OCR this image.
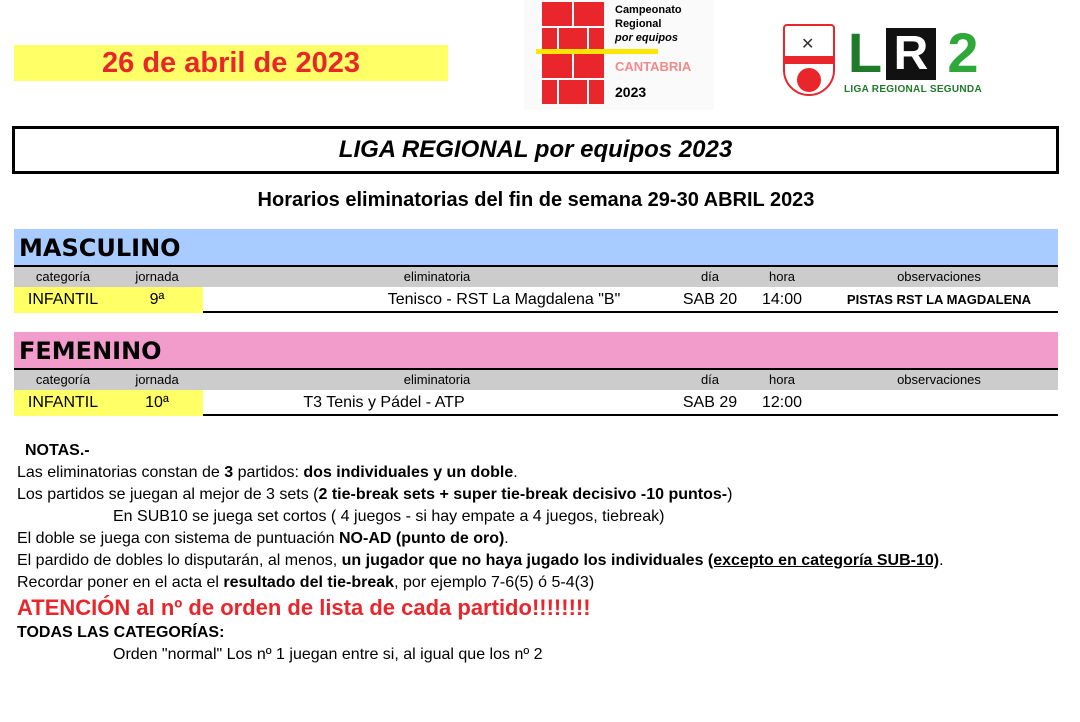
26 de abril de 2023
Campeonato
Regional
por equipos
CANTABRIA
2023
✕ L R 2
LIGA REGIONAL SEGUNDA
LIGA REGIONAL por equipos 2023
Horarios eliminatorias del fin de semana 29-30 ABRIL 2023
MASCULINO
categoría	jornada	eliminatoria	día	hora	observaciones
INFANTIL	9ª	Tenisco - RST La Magdalena "B"	SAB 20	14:00	PISTAS RST LA MAGDALENA
FEMENINO
categoría	jornada	eliminatoria	día	hora	observaciones
INFANTIL	10ª	T3 Tenis y Pádel - ATP	SAB 29	12:00
NOTAS.-
Las eliminatorias constan de 3 partidos: dos individuales y un doble.
Los partidos se juegan al mejor de 3 sets (2 tie-break sets + super tie-break decisivo -10 puntos-)
En SUB10 se juega set cortos ( 4 juegos - si hay empate a 4 juegos, tiebreak)
El doble se juega con sistema de puntuación NO-AD (punto de oro).
El pardido de dobles lo disputarán, al menos, un jugador que no haya jugado los individuales (excepto en categoría SUB-10).
Recordar poner en el acta el resultado del tie-break, por ejemplo 7-6(5) ó 5-4(3)
ATENCIÓN al nº de orden de lista de cada partido!!!!!!!!
TODAS LAS CATEGORÍAS:
Orden "normal" Los nº 1 juegan entre si, al igual que los nº 2
